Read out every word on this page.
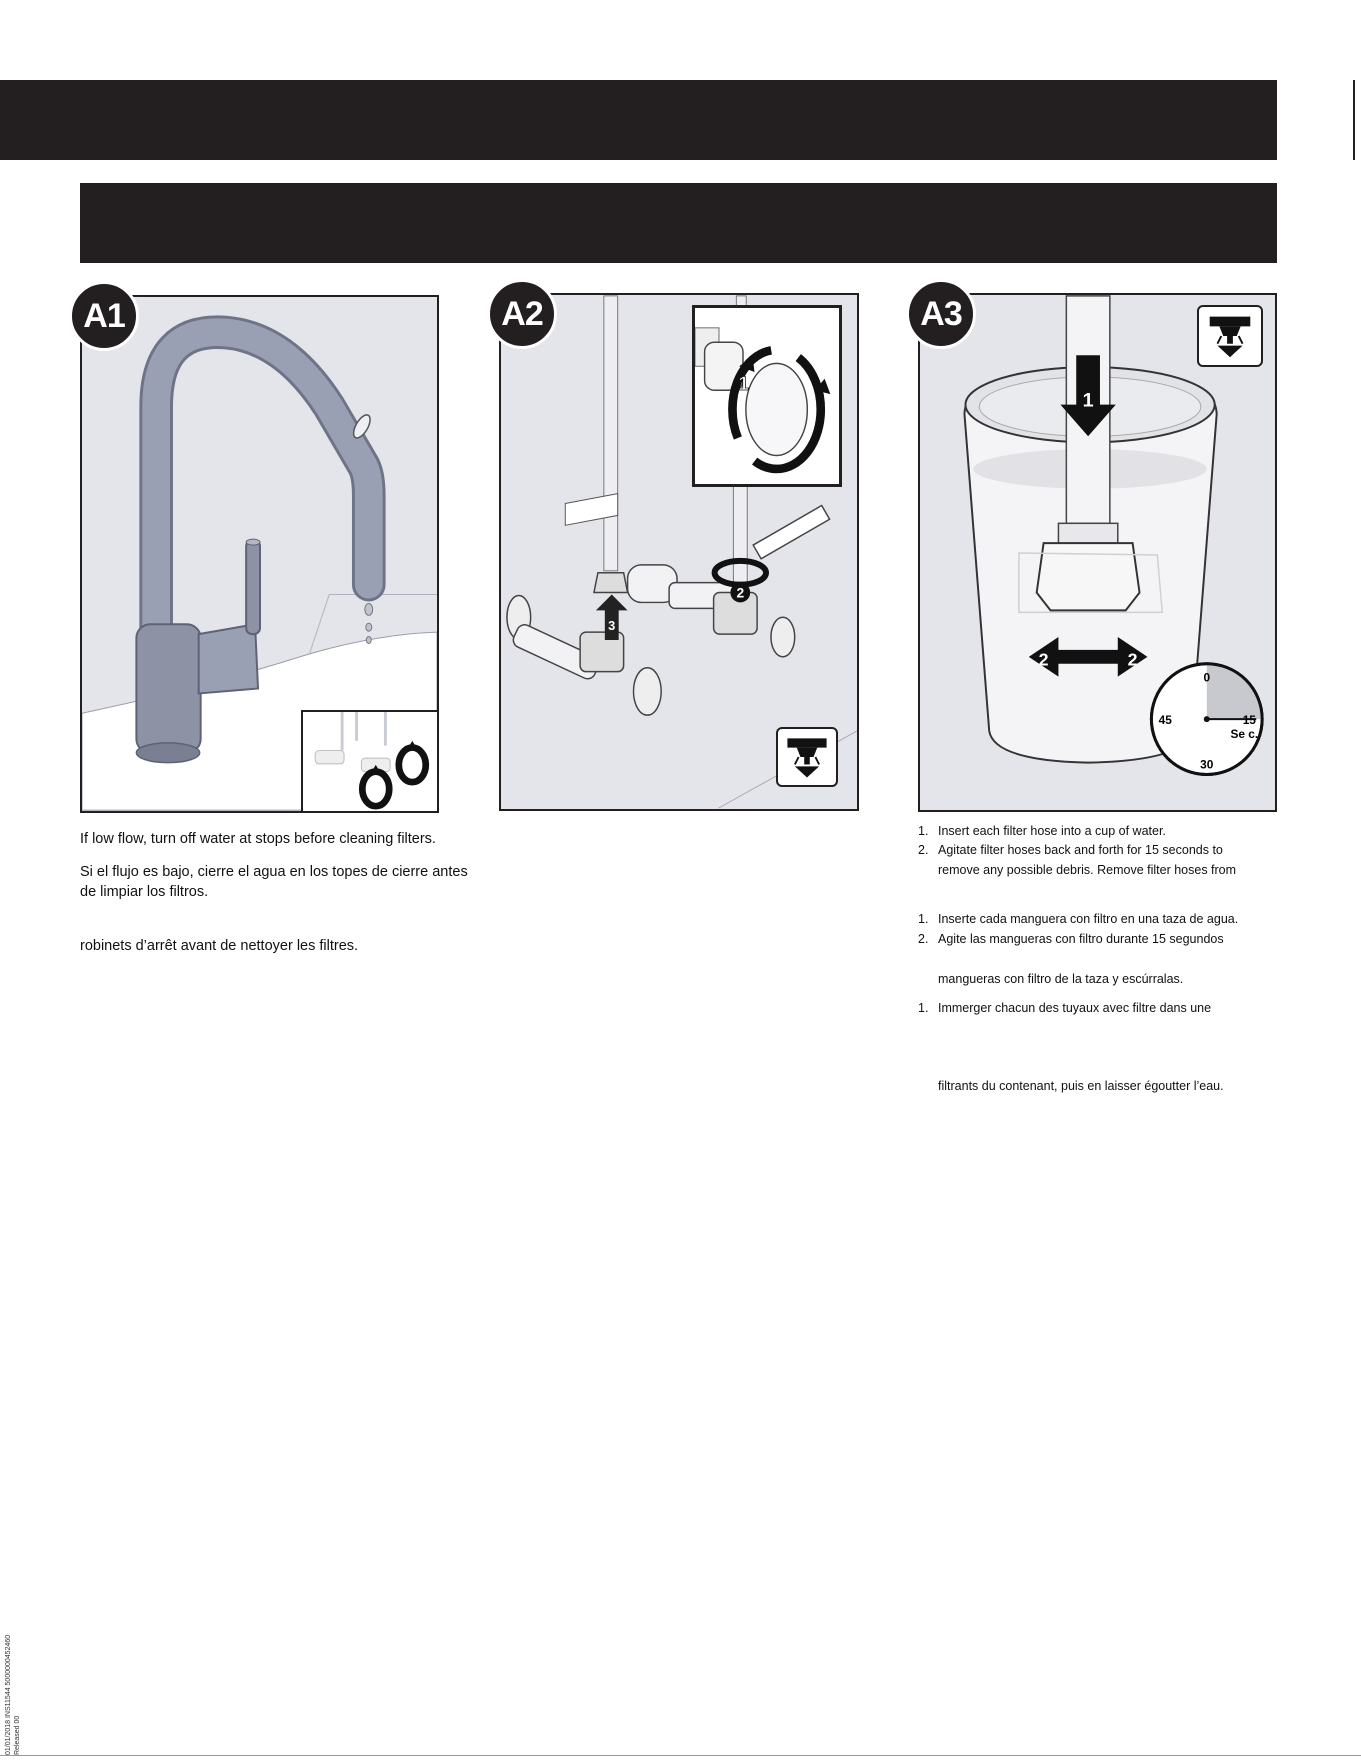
A1	A2
2
3
1
A3
1
2	2
0
15
30
45
Se c.
If low flow, turn off water at stops before cleaning filters.
Si el flujo es bajo, cierre el agua en los topes de cierre antes
de limpiar los filtros.
robinets d’arrêt avant de nettoyer les filtres.
1. Insert each filter hose into a cup of water.
2. Agitate filter hoses back and forth for 15 seconds to
remove any possible debris. Remove filter hoses from
1. Inserte cada manguera con filtro en una taza de agua.
2. Agite las mangueras con filtro durante 15 segundos
mangueras con filtro de la taza y escúrralas.
1. Immerger chacun des tuyaux avec filtre dans une
filtrants du contenant, puis en laisser égoutter l’eau.
01/01/2018 INS11544 5000000452460 Released 00
